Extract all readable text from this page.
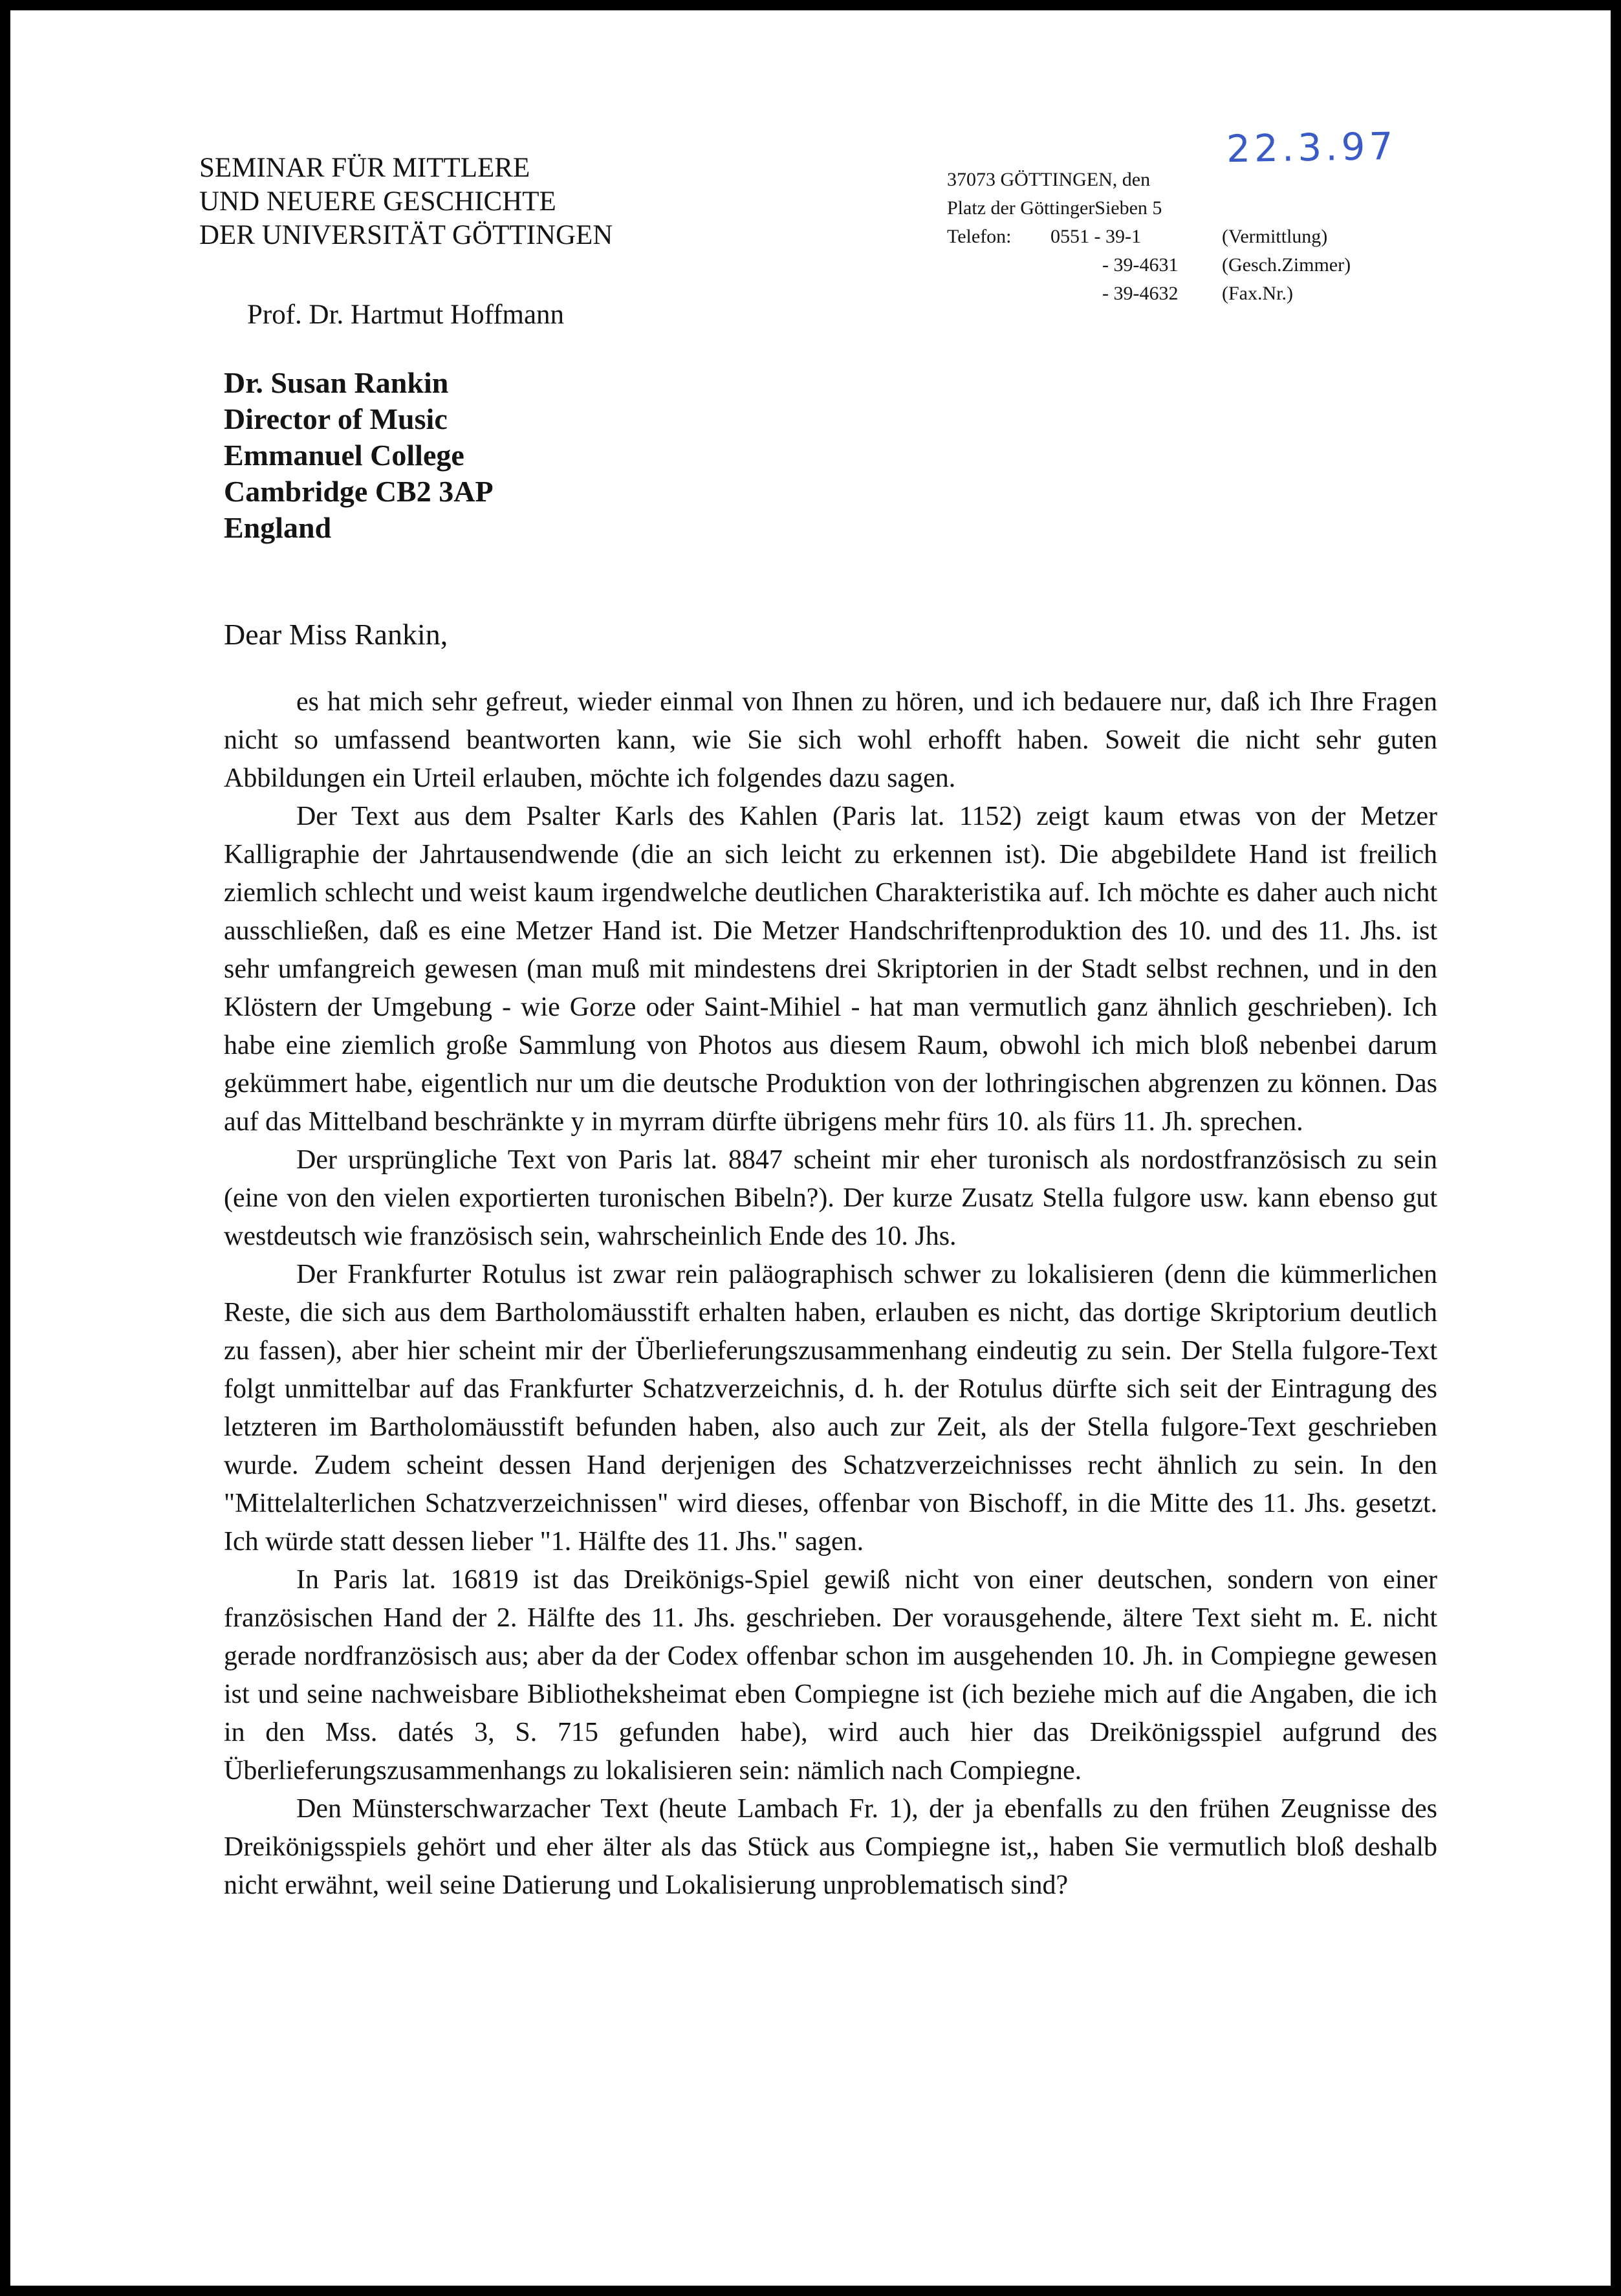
SEMINAR FÜR MITTLERE
UND NEUERE GESCHICHTE
DER UNIVERSITÄT GÖTTINGEN
Prof. Dr. Hartmut Hoffmann
37073 GÖTTINGEN, den
Platz der GöttingerSieben 5
Telefon: 0551 - 39-1	(Vermittlung)
- 39-4631 (Gesch.Zimmer)
- 39-4632 (Fax.Nr.)
22.3.97
Dr. Susan Rankin
Director of Music
Emmanuel College
Cambridge CB2 3AP
England
Dear Miss Rankin,

es hat mich sehr gefreut, wieder einmal von Ihnen zu hören, und ich bedauere nur, daß ich Ihre Fragen nicht so umfassend beantworten kann, wie Sie sich wohl erhofft haben. Soweit die nicht sehr guten Abbildungen ein Urteil erlauben, möchte ich folgendes dazu sagen.

Der Text aus dem Psalter Karls des Kahlen (Paris lat. 1152) zeigt kaum etwas von der Metzer Kalligraphie der Jahrtausendwende (die an sich leicht zu erkennen ist). Die abgebildete Hand ist freilich ziemlich schlecht und weist kaum irgendwelche deutlichen Charakteristika auf. Ich möchte es daher auch nicht ausschließen, daß es eine Metzer Hand ist. Die Metzer Handschriftenproduktion des 10. und des 11. Jhs. ist sehr umfangreich gewesen (man muß mit mindestens drei Skriptorien in der Stadt selbst rechnen, und in den Klöstern der Umgebung - wie Gorze oder Saint-Mihiel - hat man vermutlich ganz ähnlich geschrieben). Ich habe eine ziemlich große Sammlung von Photos aus diesem Raum, obwohl ich mich bloß nebenbei darum gekümmert habe, eigentlich nur um die deutsche Produktion von der lothringischen abgrenzen zu können. Das auf das Mittelband beschränkte y in myrram dürfte übrigens mehr fürs 10. als fürs 11. Jh. sprechen.

Der ursprüngliche Text von Paris lat. 8847 scheint mir eher turonisch als nordostfranzösisch zu sein (eine von den vielen exportierten turonischen Bibeln?). Der kurze Zusatz Stella fulgore usw. kann ebenso gut westdeutsch wie französisch sein, wahrscheinlich Ende des 10. Jhs.

Der Frankfurter Rotulus ist zwar rein paläographisch schwer zu lokalisieren (denn die kümmerlichen Reste, die sich aus dem Bartholomäusstift erhalten haben, erlauben es nicht, das dortige Skriptorium deutlich zu fassen), aber hier scheint mir der Überlieferungszusammenhang eindeutig zu sein. Der Stella fulgore-Text folgt unmittelbar auf das Frankfurter Schatzverzeichnis, d. h. der Rotulus dürfte sich seit der Eintragung des letzteren im Bartholomäusstift befunden haben, also auch zur Zeit, als der Stella fulgore-Text geschrieben wurde. Zudem scheint dessen Hand derjenigen des Schatzverzeichnisses recht ähnlich zu sein. In den "Mittelalterlichen Schatzverzeichnissen" wird dieses, offenbar von Bischoff, in die Mitte des 11. Jhs. gesetzt. Ich würde statt dessen lieber "1. Hälfte des 11. Jhs." sagen.

In Paris lat. 16819 ist das Dreikönigs-Spiel gewiß nicht von einer deutschen, sondern von einer französischen Hand der 2. Hälfte des 11. Jhs. geschrieben. Der vorausgehende, ältere Text sieht m. E. nicht gerade nordfranzösisch aus; aber da der Codex offenbar schon im ausgehenden 10. Jh. in Compiegne gewesen ist und seine nachweisbare Bibliotheksheimat eben Compiegne ist (ich beziehe mich auf die Angaben, die ich in den Mss. datés 3, S. 715 gefunden habe), wird auch hier das Dreikönigsspiel aufgrund des Überlieferungszusammenhangs zu lokalisieren sein: nämlich nach Compiegne.

Den Münsterschwarzacher Text (heute Lambach Fr. 1), der ja ebenfalls zu den frühen Zeugnisse des Dreikönigsspiels gehört und eher älter als das Stück aus Compiegne ist,, haben Sie vermutlich bloß deshalb nicht erwähnt, weil seine Datierung und Lokalisierung unproblematisch sind?
